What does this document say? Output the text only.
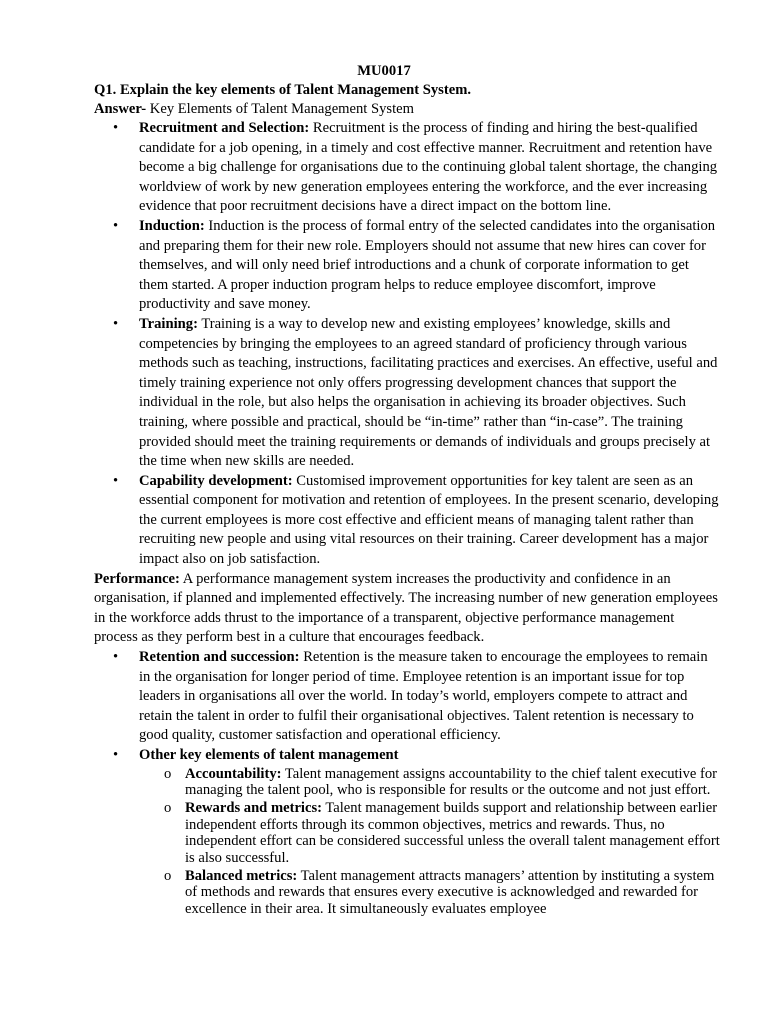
MU0017
Q1. Explain the key elements of Talent Management System.
Answer- Key Elements of Talent Management System
• Recruitment and Selection: Recruitment is the process of finding and hiring the best-qualified candidate for a job opening, in a timely and cost effective manner. Recruitment and retention have become a big challenge for organisations due to the continuing global talent shortage, the changing worldview of work by new generation employees entering the workforce, and the ever increasing evidence that poor recruitment decisions have a direct impact on the bottom line.
• Induction: Induction is the process of formal entry of the selected candidates into the organisation and preparing them for their new role. Employers should not assume that new hires can cover for themselves, and will only need brief introductions and a chunk of corporate information to get them started. A proper induction program helps to reduce employee discomfort, improve productivity and save money.
• Training: Training is a way to develop new and existing employees’ knowledge, skills and competencies by bringing the employees to an agreed standard of proficiency through various methods such as teaching, instructions, facilitating practices and exercises. An effective, useful and timely training experience not only offers progressing development chances that support the individual in the role, but also helps the organisation in achieving its broader objectives. Such training, where possible and practical, should be “in-time” rather than “in-case”. The training provided should meet the training requirements or demands of individuals and groups precisely at the time when new skills are needed.
• Capability development: Customised improvement opportunities for key talent are seen as an essential component for motivation and retention of employees. In the present scenario, developing the current employees is more cost effective and efficient means of managing talent rather than recruiting new people and using vital resources on their training. Career development has a major impact also on job satisfaction.
Performance: A performance management system increases the productivity and confidence in an organisation, if planned and implemented effectively. The increasing number of new generation employees in the workforce adds thrust to the importance of a transparent, objective performance management process as they perform best in a culture that encourages feedback.
• Retention and succession: Retention is the measure taken to encourage the employees to remain in the organisation for longer period of time. Employee retention is an important issue for top leaders in organisations all over the world. In today’s world, employers compete to attract and retain the talent in order to fulfil their organisational objectives. Talent retention is necessary to good quality, customer satisfaction and operational efficiency.
• Other key elements of talent management
o Accountability: Talent management assigns accountability to the chief talent executive for managing the talent pool, who is responsible for results or the outcome and not just effort.
o Rewards and metrics: Talent management builds support and relationship between earlier independent efforts through its common objectives, metrics and rewards. Thus, no independent effort can be considered successful unless the overall talent management effort is also successful.
o Balanced metrics: Talent management attracts managers’ attention by instituting a system of methods and rewards that ensures every executive is acknowledged and rewarded for excellence in their area. It simultaneously evaluates employee
